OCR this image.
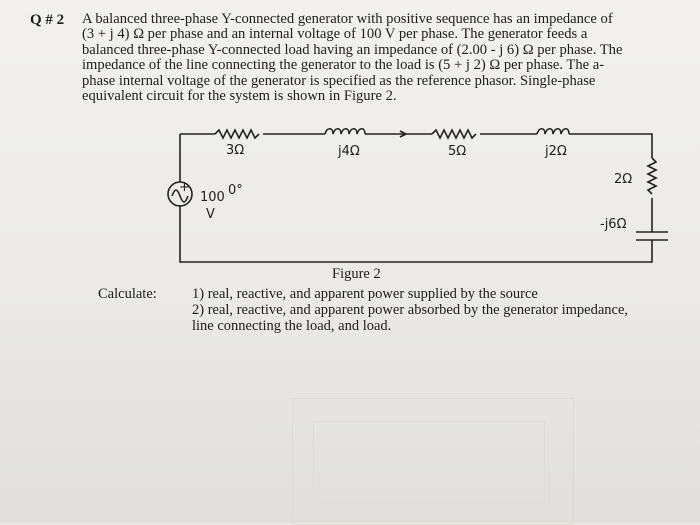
Q # 2 A balanced three-phase Y-connected generator with positive sequence has an impedance of
(3 + j 4) Ω per phase and an internal voltage of 100 V per phase. The generator feeds a
balanced three-phase Y-connected load having an impedance of (2.00 - j 6) Ω per phase. The
impedance of the line connecting the generator to the load is (5 + j 2) Ω per phase. The a-
phase internal voltage of the generator is specified as the reference phasor. Single-phase
equivalent circuit for the system is shown in Figure 2.
+
100 0°
V
3Ω	j4Ω	5Ω	j2Ω
2Ω
-j6Ω
Figure 2
Calculate: 1) real, reactive, and apparent power supplied by the source
2) real, reactive, and apparent power absorbed by the generator impedance,
line connecting the load, and load.
